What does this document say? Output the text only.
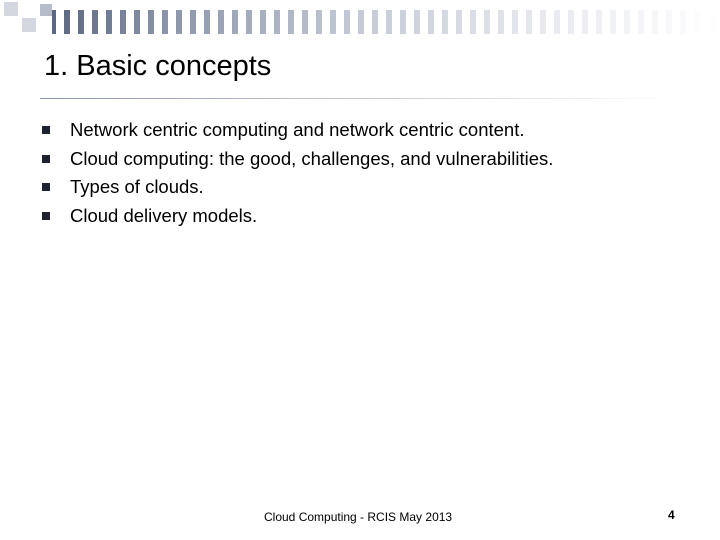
1. Basic concepts
Network centric computing and network centric content.
Cloud computing: the good, challenges, and vulnerabilities.
Types of clouds.
Cloud delivery models.
Cloud Computing - RCIS May 2013	4
